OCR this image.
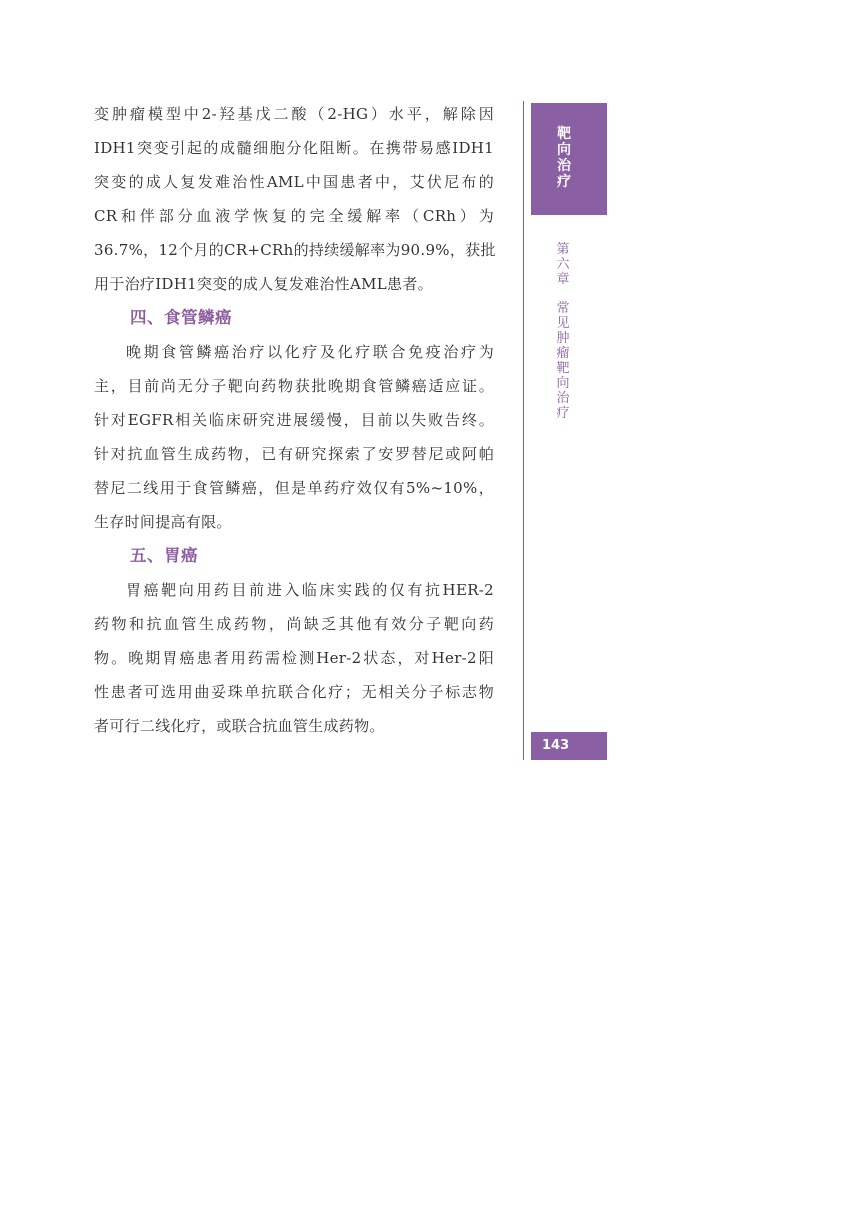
变肿瘤模型中2-羟基戊二酸（2-HG）水平，解除因
IDH1突变引起的成髓细胞分化阻断。在携带易感IDH1
突变的成人复发难治性AML中国患者中，艾伏尼布的
CR和伴部分血液学恢复的完全缓解率（CRh）为
36.7%，12个月的CR+CRh的持续缓解率为90.9%，获批
用于治疗IDH1突变的成人复发难治性AML患者。
四、食管鳞癌
晚期食管鳞癌治疗以化疗及化疗联合免疫治疗为
主，目前尚无分子靶向药物获批晚期食管鳞癌适应证。
针对EGFR相关临床研究进展缓慢，目前以失败告终。
针对抗血管生成药物，已有研究探索了安罗替尼或阿帕
替尼二线用于食管鳞癌，但是单药疗效仅有5%~10%，
生存时间提高有限。
五、胃癌
胃癌靶向用药目前进入临床实践的仅有抗HER-2
药物和抗血管生成药物，尚缺乏其他有效分子靶向药
物。晚期胃癌患者用药需检测Her-2状态，对Her-2阳
性患者可选用曲妥珠单抗联合化疗；无相关分子标志物
者可行二线化疗，或联合抗血管生成药物。
靶向治疗
第六章
常见肿瘤靶向治疗
143
